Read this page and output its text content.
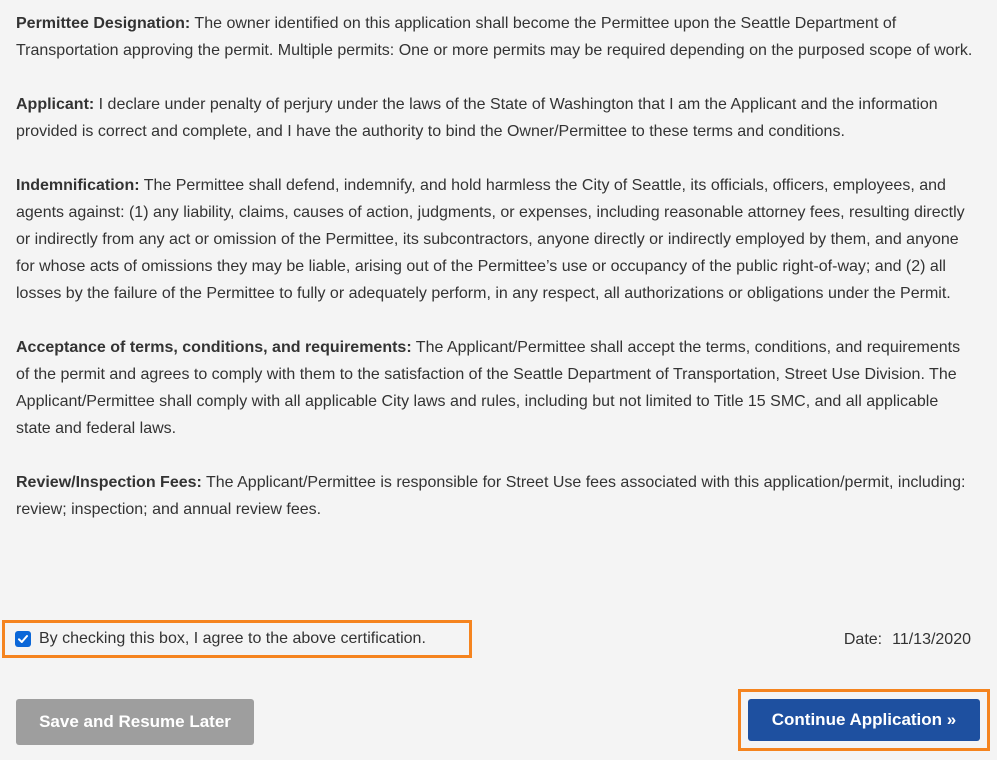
Permittee Designation: The owner identified on this application shall become the Permittee upon the Seattle Department of Transportation approving the permit. Multiple permits: One or more permits may be required depending on the purposed scope of work.

Applicant: I declare under penalty of perjury under the laws of the State of Washington that I am the Applicant and the information provided is correct and complete, and I have the authority to bind the Owner/Permittee to these terms and conditions.

Indemnification: The Permittee shall defend, indemnify, and hold harmless the City of Seattle, its officials, officers, employees, and agents against: (1) any liability, claims, causes of action, judgments, or expenses, including reasonable attorney fees, resulting directly or indirectly from any act or omission of the Permittee, its subcontractors, anyone directly or indirectly employed by them, and anyone for whose acts of omissions they may be liable, arising out of the Permittee’s use or occupancy of the public right-of-way; and (2) all losses by the failure of the Permittee to fully or adequately perform, in any respect, all authorizations or obligations under the Permit.

Acceptance of terms, conditions, and requirements: The Applicant/Permittee shall accept the terms, conditions, and requirements of the permit and agrees to comply with them to the satisfaction of the Seattle Department of Transportation, Street Use Division. The Applicant/Permittee shall comply with all applicable City laws and rules, including but not limited to Title 15 SMC, and all applicable state and federal laws.

Review/Inspection Fees: The Applicant/Permittee is responsible for Street Use fees associated with this application/permit, including: review; inspection; and annual review fees.

By checking this box, I agree to the above certification.	Date: 11/13/2020
Save and Resume Later	Continue Application »
